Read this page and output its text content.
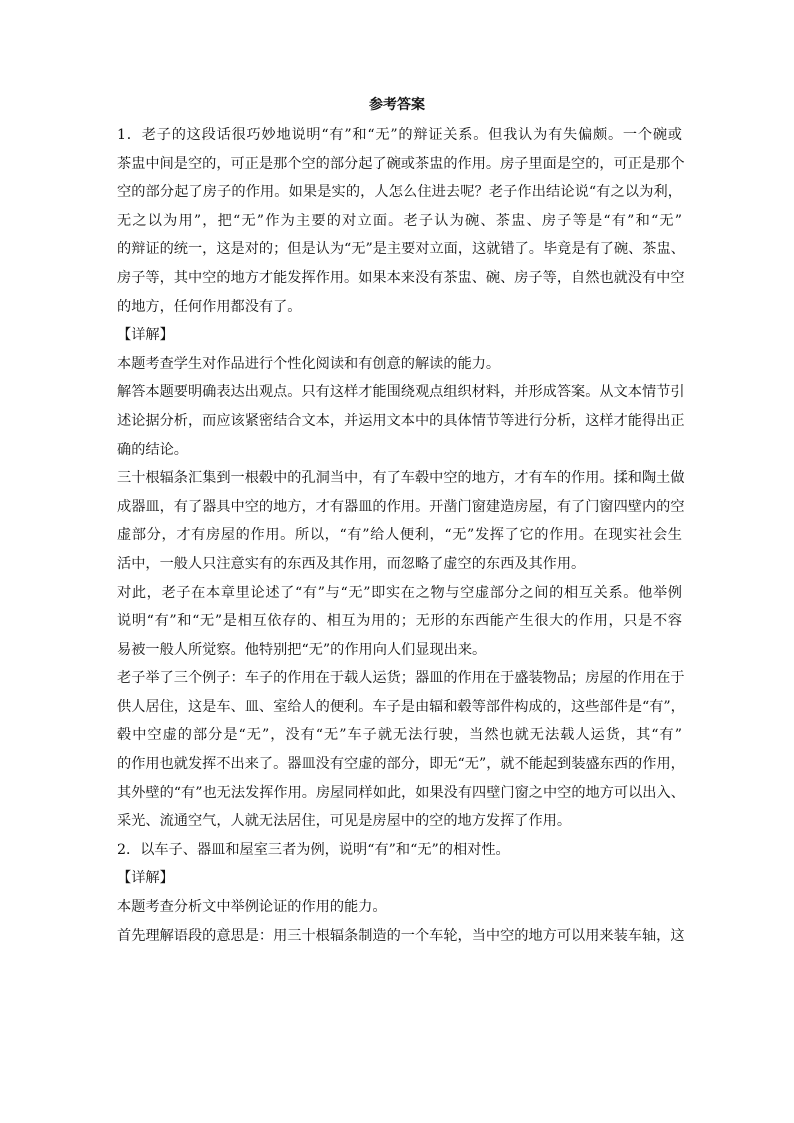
参考答案
1．老子的这段话很巧妙地说明“有”和“无”的辩证关系。但我认为有失偏颇。一个碗或
茶盅中间是空的，可正是那个空的部分起了碗或茶盅的作用。房子里面是空的，可正是那个
空的部分起了房子的作用。如果是实的，人怎么住进去呢？老子作出结论说“有之以为利，
无之以为用”，把“无”作为主要的对立面。老子认为碗、茶盅、房子等是“有”和“无”
的辩证的统一，这是对的；但是认为“无”是主要对立面，这就错了。毕竟是有了碗、茶盅、
房子等，其中空的地方才能发挥作用。如果本来没有茶盅、碗、房子等，自然也就没有中空
的地方，任何作用都没有了。
【详解】
本题考查学生对作品进行个性化阅读和有创意的解读的能力。
解答本题要明确表达出观点。只有这样才能围绕观点组织材料，并形成答案。从文本情节引
述论据分析，而应该紧密结合文本，并运用文本中的具体情节等进行分析，这样才能得出正
确的结论。
三十根辐条汇集到一根毂中的孔洞当中，有了车毂中空的地方，才有车的作用。揉和陶土做
成器皿，有了器具中空的地方，才有器皿的作用。开凿门窗建造房屋，有了门窗四壁内的空
虚部分，才有房屋的作用。所以，“有”给人便利，“无”发挥了它的作用。在现实社会生
活中，一般人只注意实有的东西及其作用，而忽略了虚空的东西及其作用。
对此，老子在本章里论述了“有”与“无”即实在之物与空虚部分之间的相互关系。他举例
说明“有”和“无”是相互依存的、相互为用的；无形的东西能产生很大的作用，只是不容
易被一般人所觉察。他特别把“无”的作用向人们显现出来。
老子举了三个例子：车子的作用在于载人运货；器皿的作用在于盛装物品；房屋的作用在于
供人居住，这是车、皿、室给人的便利。车子是由辐和毂等部件构成的，这些部件是“有”，
毂中空虚的部分是“无”，没有“无”车子就无法行驶，当然也就无法载人运货，其“有”
的作用也就发挥不出来了。器皿没有空虚的部分，即无“无”，就不能起到装盛东西的作用，
其外壁的“有”也无法发挥作用。房屋同样如此，如果没有四壁门窗之中空的地方可以出入、
采光、流通空气，人就无法居住，可见是房屋中的空的地方发挥了作用。
2．以车子、器皿和屋室三者为例，说明“有”和“无”的相对性。
【详解】
本题考查分析文中举例论证的作用的能力。
首先理解语段的意思是：用三十根辐条制造的一个车轮，当中空的地方可以用来装车轴，这
